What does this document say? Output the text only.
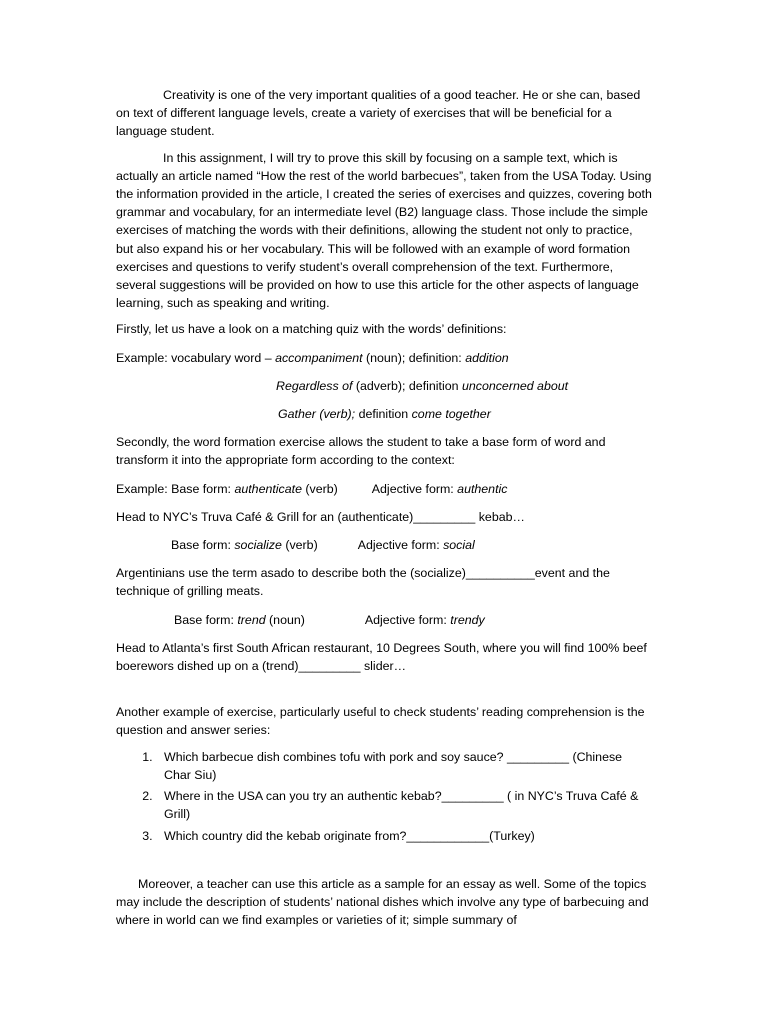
Creativity is one of the very important qualities of a good teacher. He or she can, based on text of different language levels, create a variety of exercises that will be beneficial for a language student.

In this assignment, I will try to prove this skill by focusing on a sample text, which is actually an article named “How the rest of the world barbecues”, taken from the USA Today. Using the information provided in the article, I created the series of exercises and quizzes, covering both grammar and vocabulary, for an intermediate level (B2) language class. Those include the simple exercises of matching the words with their definitions, allowing the student not only to practice, but also expand his or her vocabulary. This will be followed with an example of word formation exercises and questions to verify student’s overall comprehension of the text. Furthermore, several suggestions will be provided on how to use this article for the other aspects of language learning, such as speaking and writing.

Firstly, let us have a look on a matching quiz with the words’ definitions:

Example: vocabulary word – accompaniment (noun); definition: addition

Regardless of (adverb); definition unconcerned about

Gather (verb); definition come together

Secondly, the word formation exercise allows the student to take a base form of word and transform it into the appropriate form according to the context:

Example: Base form: authenticate (verb)	Adjective form: authentic

Head to NYC’s Truva Café & Grill for an (authenticate)_________ kebab…

Base form: socialize (verb)	Adjective form: social

Argentinians use the term asado to describe both the (socialize)__________event and the technique of grilling meats.

Base form: trend (noun)	Adjective form: trendy

Head to Atlanta’s first South African restaurant, 10 Degrees South, where you will find 100% beef boerewors dished up on a (trend)_________ slider…

Another example of exercise, particularly useful to check students’ reading comprehension is the question and answer series:

1. Which barbecue dish combines tofu with pork and soy sauce? _________ (Chinese Char Siu)
2. Where in the USA can you try an authentic kebab?_________ ( in NYC’s Truva Café & Grill)
3. Which country did the kebab originate from?____________(Turkey)

Moreover, a teacher can use this article as a sample for an essay as well. Some of the topics may include the description of students’ national dishes which involve any type of barbecuing and where in world can we find examples or varieties of it; simple summary of
